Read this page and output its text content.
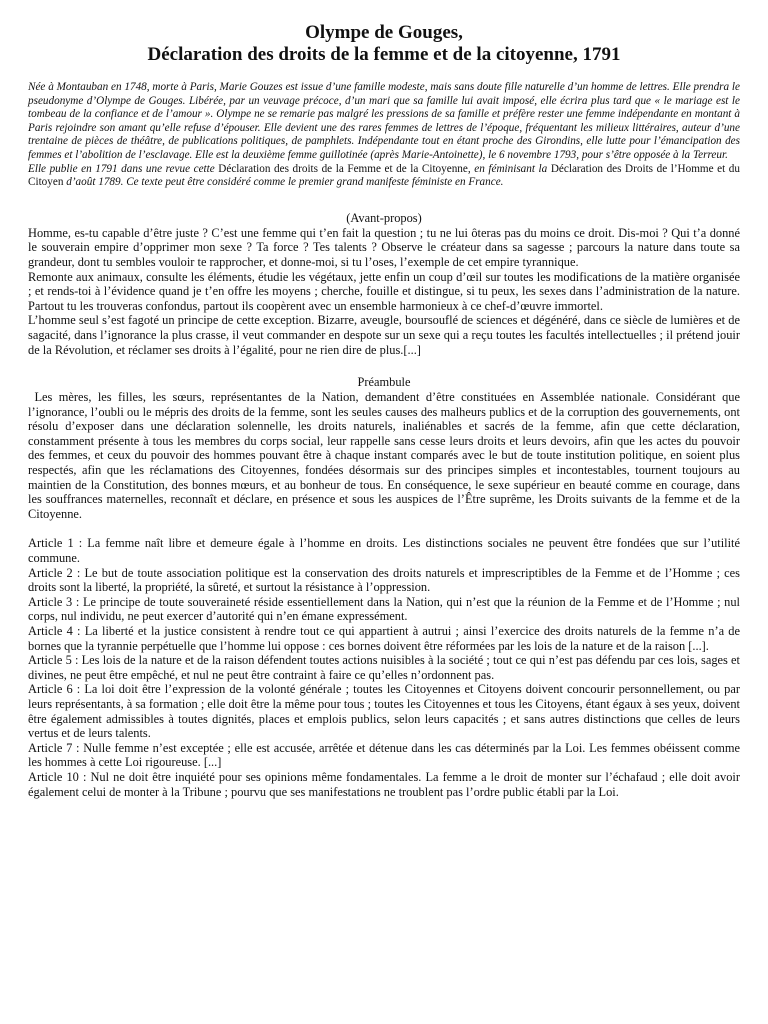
Olympe de Gouges,
Déclaration des droits de la femme et de la citoyenne, 1791

Née à Montauban en 1748, morte à Paris, Marie Gouzes est issue d’une famille modeste, mais sans doute fille naturelle d’un homme de lettres. Elle prendra le pseudonyme d’Olympe de Gouges. Libérée, par un veuvage précoce, d’un mari que sa famille lui avait imposé, elle écrira plus tard que « le mariage est le tombeau de la confiance et de l’amour ». Olympe ne se remarie pas malgré les pressions de sa famille et préfère rester une femme indépendante en montant à Paris rejoindre son amant qu’elle refuse d’épouser. Elle devient une des rares femmes de lettres de l’époque, fréquentant les milieux littéraires, auteur d’une trentaine de pièces de théâtre, de publications politiques, de pamphlets. Indépendante tout en étant proche des Girondins, elle lutte pour l’émancipation des femmes et l’abolition de l’esclavage. Elle est la deuxième femme guillotinée (après Marie-Antoinette), le 6 novembre 1793, pour s’être opposée à la Terreur.

Elle publie en 1791 dans une revue cette Déclaration des droits de la Femme et de la Citoyenne, en féminisant la Déclaration des Droits de l’Homme et du Citoyen d’août 1789. Ce texte peut être considéré comme le premier grand manifeste féministe en France.

(Avant-propos)

Homme, es-tu capable d’être juste ? C’est une femme qui t’en fait la question ; tu ne lui ôteras pas du moins ce droit. Dis-moi ? Qui t’a donné le souverain empire d’opprimer mon sexe ? Ta force ? Tes talents ? Observe le créateur dans sa sagesse ; parcours la nature dans toute sa grandeur, dont tu sembles vouloir te rapprocher, et donne-moi, si tu l’oses, l’exemple de cet empire tyrannique.

Remonte aux animaux, consulte les éléments, étudie les végétaux, jette enfin un coup d’œil sur toutes les modifications de la matière organisée ; et rends-toi à l’évidence quand je t’en offre les moyens ; cherche, fouille et distingue, si tu peux, les sexes dans l’administration de la nature. Partout tu les trouveras confondus, partout ils coopèrent avec un ensemble harmonieux à ce chef-d’œuvre immortel.

L’homme seul s’est fagoté un principe de cette exception. Bizarre, aveugle, boursouflé de sciences et dégénéré, dans ce siècle de lumières et de sagacité, dans l’ignorance la plus crasse, il veut commander en despote sur un sexe qui a reçu toutes les facultés intellectuelles ; il prétend jouir de la Révolution, et réclamer ses droits à l’égalité, pour ne rien dire de plus.[...]

Préambule

Les mères, les filles, les sœurs, représentantes de la Nation, demandent d’être constituées en Assemblée nationale. Considérant que l’ignorance, l’oubli ou le mépris des droits de la femme, sont les seules causes des malheurs publics et de la corruption des gouvernements, ont résolu d’exposer dans une déclaration solennelle, les droits naturels, inaliénables et sacrés de la femme, afin que cette déclaration, constamment présente à tous les membres du corps social, leur rappelle sans cesse leurs droits et leurs devoirs, afin que les actes du pouvoir des femmes, et ceux du pouvoir des hommes pouvant être à chaque instant comparés avec le but de toute institution politique, en soient plus respectés, afin que les réclamations des Citoyennes, fondées désormais sur des principes simples et incontestables, tournent toujours au maintien de la Constitution, des bonnes mœurs, et au bonheur de tous. En conséquence, le sexe supérieur en beauté comme en courage, dans les souffrances maternelles, reconnaît et déclare, en présence et sous les auspices de l’Être suprême, les Droits suivants de la femme et de la Citoyenne.

Article 1 : La femme naît libre et demeure égale à l’homme en droits. Les distinctions sociales ne peuvent être fondées que sur l’utilité commune.

Article 2 : Le but de toute association politique est la conservation des droits naturels et imprescriptibles de la Femme et de l’Homme ; ces droits sont la liberté, la propriété, la sûreté, et surtout la résistance à l’oppression.

Article 3 : Le principe de toute souveraineté réside essentiellement dans la Nation, qui n’est que la réunion de la Femme et de l’Homme ; nul corps, nul individu, ne peut exercer d’autorité qui n’en émane expressément.

Article 4 : La liberté et la justice consistent à rendre tout ce qui appartient à autrui ; ainsi l’exercice des droits naturels de la femme n’a de bornes que la tyrannie perpétuelle que l’homme lui oppose : ces bornes doivent être réformées par les lois de la nature et de la raison [...].

Article 5 : Les lois de la nature et de la raison défendent toutes actions nuisibles à la société ; tout ce qui n’est pas défendu par ces lois, sages et divines, ne peut être empêché, et nul ne peut être contraint à faire ce qu’elles n’ordonnent pas.

Article 6 : La loi doit être l’expression de la volonté générale ; toutes les Citoyennes et Citoyens doivent concourir personnellement, ou par leurs représentants, à sa formation ; elle doit être la même pour tous ; toutes les Citoyennes et tous les Citoyens, étant égaux à ses yeux, doivent être également admissibles à toutes dignités, places et emplois publics, selon leurs capacités ; et sans autres distinctions que celles de leurs vertus et de leurs talents.

Article 7 : Nulle femme n’est exceptée ; elle est accusée, arrêtée et détenue dans les cas déterminés par la Loi. Les femmes obéissent comme les hommes à cette Loi rigoureuse. [...]

Article 10 : Nul ne doit être inquiété pour ses opinions même fondamentales. La femme a le droit de monter sur l’échafaud ; elle doit avoir également celui de monter à la Tribune ; pourvu que ses manifestations ne troublent pas l’ordre public établi par la Loi.
